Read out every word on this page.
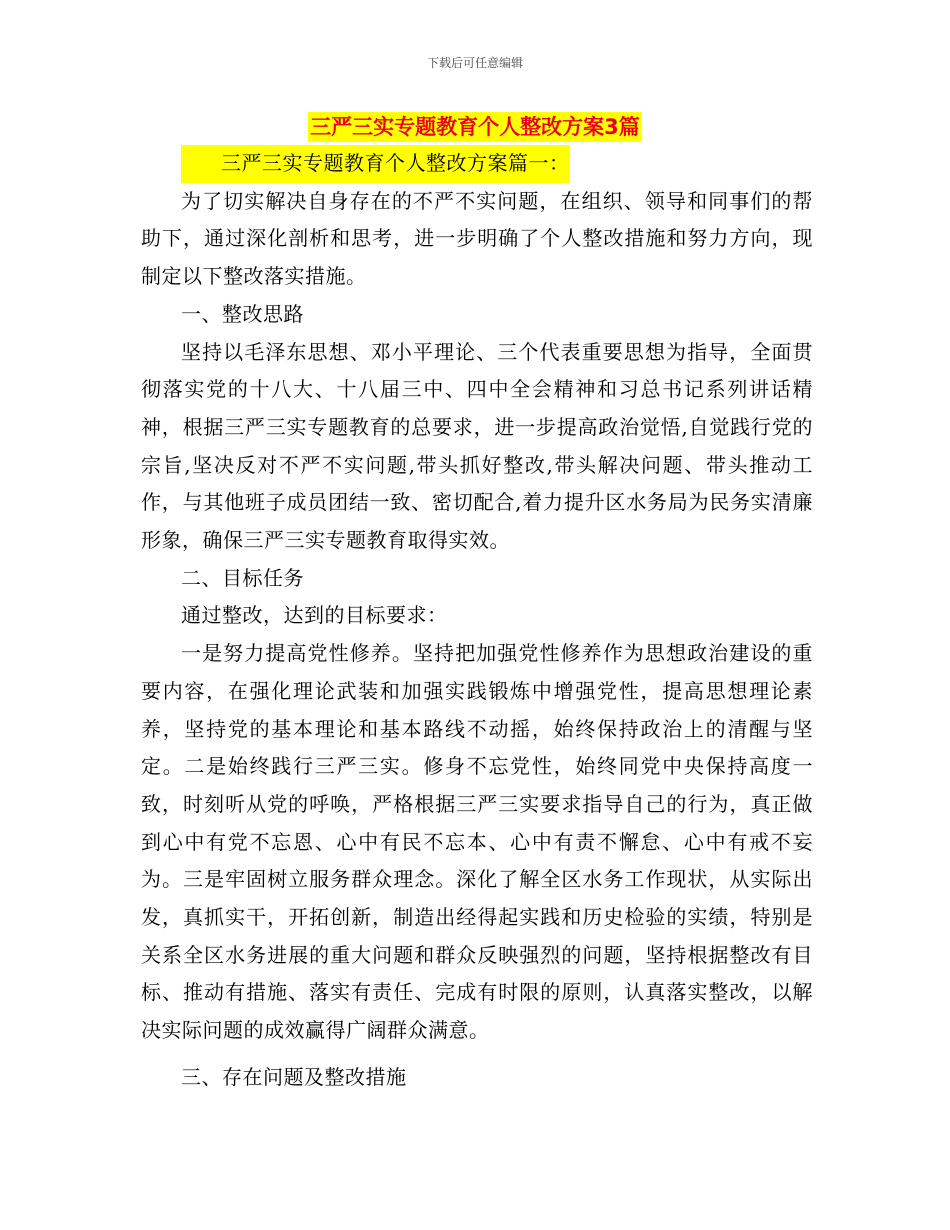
下载后可任意编辑
三严三实专题教育个人整改方案3篇

三严三实专题教育个人整改方案篇一：

为了切实解决自身存在的不严不实问题，在组织、领导和同事们的帮助下，通过深化剖析和思考，进一步明确了个人整改措施和努力方向，现制定以下整改落实措施。

一、整改思路

坚持以毛泽东思想、邓小平理论、三个代表重要思想为指导，全面贯彻落实党的十八大、十八届三中、四中全会精神和习总书记系列讲话精神，根据三严三实专题教育的总要求，进一步提高政治觉悟,自觉践行党的宗旨,坚决反对不严不实问题,带头抓好整改,带头解决问题、带头推动工作，与其他班子成员团结一致、密切配合,着力提升区水务局为民务实清廉形象，确保三严三实专题教育取得实效。

二、目标任务

通过整改，达到的目标要求：

一是努力提高党性修养。坚持把加强党性修养作为思想政治建设的重要内容，在强化理论武装和加强实践锻炼中增强党性，提高思想理论素养，坚持党的基本理论和基本路线不动摇，始终保持政治上的清醒与坚定。二是始终践行三严三实。修身不忘党性，始终同党中央保持高度一致，时刻听从党的呼唤，严格根据三严三实要求指导自己的行为，真正做到心中有党不忘恩、心中有民不忘本、心中有责不懈怠、心中有戒不妄为。三是牢固树立服务群众理念。深化了解全区水务工作现状，从实际出发，真抓实干，开拓创新，制造出经得起实践和历史检验的实绩，特别是关系全区水务进展的重大问题和群众反映强烈的问题，坚持根据整改有目标、推动有措施、落实有责任、完成有时限的原则，认真落实整改，以解决实际问题的成效赢得广阔群众满意。

三、存在问题及整改措施
